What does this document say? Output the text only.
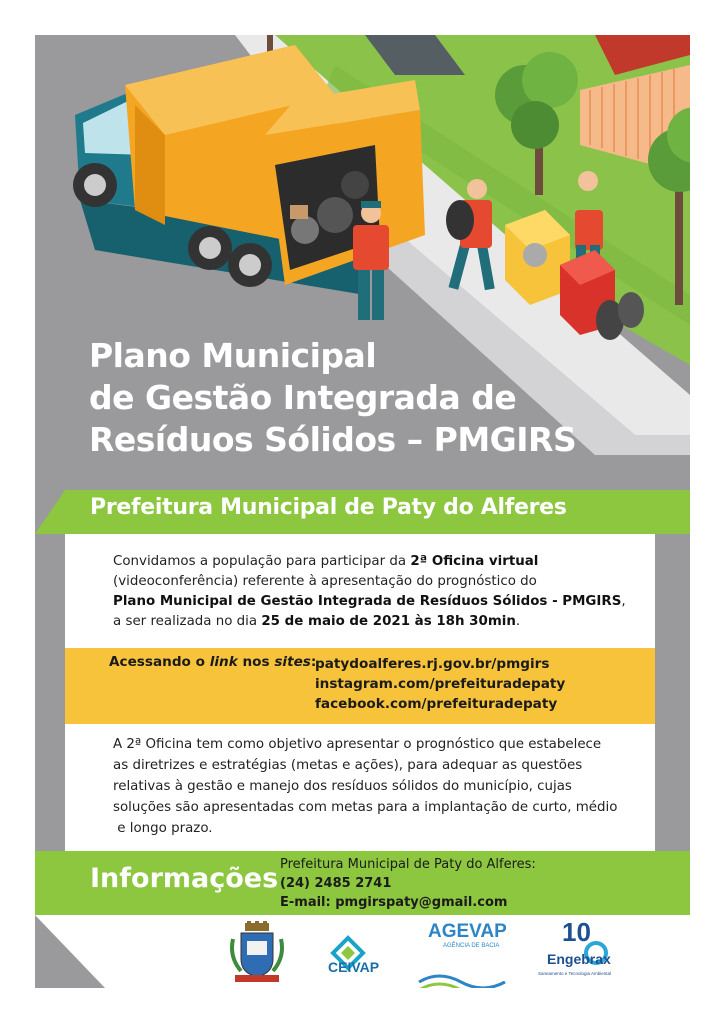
Plano Municipal
de Gestão Integrada de
Resíduos Sólidos – PMGIRS
Prefeitura Municipal de Paty do Alferes
Convidamos a população para participar da 2ª Oficina virtual
(videoconferência) referente à apresentação do prognóstico do
Plano Municipal de Gestão Integrada de Resíduos Sólidos - PMGIRS,
a ser realizada no dia 25 de maio de 2021 às 18h 30min.
Acessando o link nos sites:
patydoalferes.rj.gov.br/pmgirs
instagram.com/prefeituradepaty
facebook.com/prefeituradepaty
A 2ª Oficina tem como objetivo apresentar o prognóstico que estabelece
as diretrizes e estratégias (metas e ações), para adequar as questões
relativas à gestão e manejo dos resíduos sólidos do município, cujas
soluções são apresentadas com metas para a implantação de curto, médio
e longo prazo.
Informações Prefeitura Municipal de Paty do Alferes:
(24) 2485 2741
E-mail: pmgirspaty@gmail.com
CEIVAP
AGEVAP
AGÊNCIA DE BACIA 10
Engebrax
Saneamento e Tecnologia Ambiental
